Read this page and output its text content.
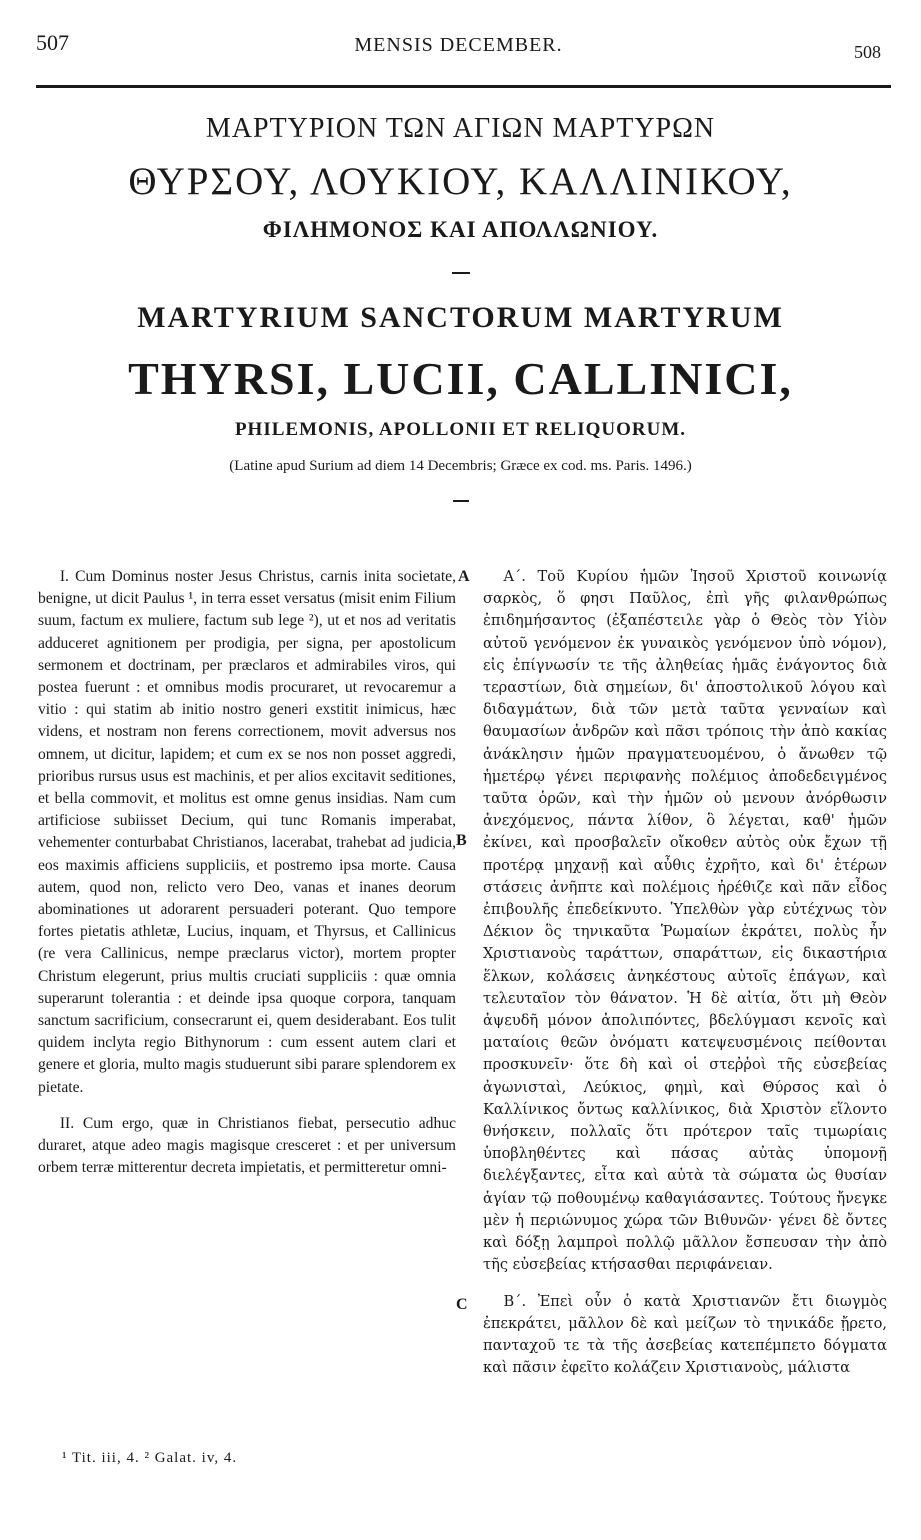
507	MENSIS DECEMBER.	508
ΜΑΡΤΥΡΙΟΝ ΤΩΝ ΑΓΙΩΝ ΜΑΡΤΥΡΩΝ
ΘΥΡΣΟΥ, ΛΟΥΚΙΟΥ, ΚΑΛΛΙΝΙΚΟΥ,
ΦΙΛΗΜΟΝΟΣ ΚΑΙ ΑΠΟΛΛΩΝΙΟΥ.
MARTYRIUM SANCTORUM MARTYRUM
THYRSI, LUCII, CALLINICI,
PHILEMONIS, APOLLONII ET RELIQUORUM.
(Latine apud Surium ad diem 14 Decembris; Græce ex cod. ms. Paris. 1496.)

I. Cum Dominus noster Jesus Christus, carnis inita societate, benigne, ut dicit Paulus ¹, in terra esset versatus (misit enim Filium suum, factum ex muliere, factum sub lege ²), ut et nos ad veritatis adduceret agnitionem per prodigia, per signa, per apostolicum sermonem et doctrinam, per præclaros et admirabiles viros, qui postea fuerunt : et omnibus modis procuraret, ut revocaremur a vitio : qui statim ab initio nostro generi exstitit inimicus, hæc videns, et nostram non ferens correctionem, movit adversus nos omnem, ut dicitur, lapidem; et cum ex se nos non posset aggredi, prioribus rursus usus est machinis, et per alios excitavit seditiones, et bella commovit, et molitus est omne genus insidias. Nam cum artificiose subiisset Decium, qui tunc Romanis imperabat, vehementer conturbabat Christianos, lacerabat, trahebat ad judicia, eos maximis afficiens suppliciis, et postremo ipsa morte. Causa autem, quod non, relicto vero Deo, vanas et inanes deorum abominationes ut adorarent persuaderi poterant. Quo tempore fortes pietatis athletæ, Lucius, inquam, et Thyrsus, et Callinicus (re vera Callinicus, nempe præclarus victor), mortem propter Christum elegerunt, prius multis cruciati suppliciis : quæ omnia superarunt tolerantia : et deinde ipsa quoque corpora, tanquam sanctum sacrificium, consecrarunt ei, quem desiderabant. Eos tulit quidem inclyta regio Bithynorum : cum essent autem clari et genere et gloria, multo magis studuerunt sibi parare splendorem ex pietate.

II. Cum ergo, quæ in Christianos fiebat, persecutio adhuc duraret, atque adeo magis magisque cresceret : et per universum orbem terræ mitterentur decreta impietatis, et permitteretur omni-

A
B
C

Α΄. Τοῦ Κυρίου ἡμῶν Ἰησοῦ Χριστοῦ κοινωνίᾳ σαρκὸς, ὅ φησι Παῦλος, ἐπὶ γῆς φιλανθρώπως ἐπιδημήσαντος (ἐξαπέστειλε γὰρ ὁ Θεὸς τὸν Υἱὸν αὐτοῦ γενόμενον ἐκ γυναικὸς γενόμενον ὑπὸ νόμον), εἰς ἐπίγνωσίν τε τῆς ἀληθείας ἡμᾶς ἐνάγοντος διὰ τεραστίων, διὰ σημείων, δι' ἀποστολικοῦ λόγου καὶ διδαγμάτων, διὰ τῶν μετὰ ταῦτα γενναίων καὶ θαυμασίων ἀνδρῶν καὶ πᾶσι τρόποις τὴν ἀπὸ κακίας ἀνάκλησιν ἡμῶν πραγματευομένου, ὁ ἄνωθεν τῷ ἡμετέρῳ γένει περιφανὴς πολέμιος ἀποδεδειγμένος ταῦτα ὁρῶν, καὶ τὴν ἡμῶν οὐ μενουν ἀνόρθωσιν ἀνεχόμενος, πάντα λίθον, ὃ λέγεται, καθ' ἡμῶν ἐκίνει, καὶ προσβαλεῖν οἴκοθεν αὐτὸς οὐκ ἔχων τῇ προτέρᾳ μηχανῇ καὶ αὖθις ἐχρῆτο, καὶ δι' ἑτέρων στάσεις ἀνῆπτε καὶ πολέμοις ἠρέθιζε καὶ πᾶν εἶδος ἐπιβουλῆς ἐπεδείκνυτο. Ὑπελθὼν γὰρ εὐτέχνως τὸν Δέκιον ὃς τηνικαῦτα Ῥωμαίων ἐκράτει, πολὺς ἦν Χριστιανοὺς ταράττων, σπαράττων, εἰς δικαστήρια ἕλκων, κολάσεις ἀνηκέστους αὐτοῖς ἐπάγων, καὶ τελευταῖον τὸν θάνατον. Ἡ δὲ αἰτία, ὅτι μὴ Θεὸν ἀψευδῆ μόνον ἀπολιπόντες, βδελύγμασι κενοῖς καὶ ματαίοις θεῶν ὀνόματι κατεψευσμένοις πείθονται προσκυνεῖν· ὅτε δὴ καὶ οἱ στεῤῥοὶ τῆς εὐσεβείας ἀγωνισταὶ, Λεύκιος, φημὶ, καὶ Θύρσος καὶ ὁ Καλλίνικος ὄντως καλλίνικος, διὰ Χριστὸν εἵλοντο θνήσκειν, πολλαῖς ὅτι πρότερον ταῖς τιμωρίαις ὑποβληθέντες καὶ πάσας αὐτὰς ὑπομονῇ διελέγξαντες, εἶτα καὶ αὐτὰ τὰ σώματα ὡς θυσίαν ἁγίαν τῷ ποθουμένῳ καθαγιάσαντες. Τούτους ἤνεγκε μὲν ἡ περιώνυμος χώρα τῶν Βιθυνῶν· γένει δὲ ὄντες καὶ δόξῃ λαμπροὶ πολλῷ μᾶλλον ἔσπευσαν τὴν ἀπὸ τῆς εὐσεβείας κτήσασθαι περιφάνειαν.

Β΄. Ἐπεὶ οὖν ὁ κατὰ Χριστιανῶν ἔτι διωγμὸς ἐπεκράτει, μᾶλλον δὲ καὶ μείζων τὸ τηνικάδε ᾔρετο, πανταχοῦ τε τὰ τῆς ἀσεβείας κατεπέμπετο δόγματα καὶ πᾶσιν ἐφεῖτο κολάζειν Χριστιανοὺς, μάλιστα

¹ Tit. iii, 4. ² Galat. iv, 4.
